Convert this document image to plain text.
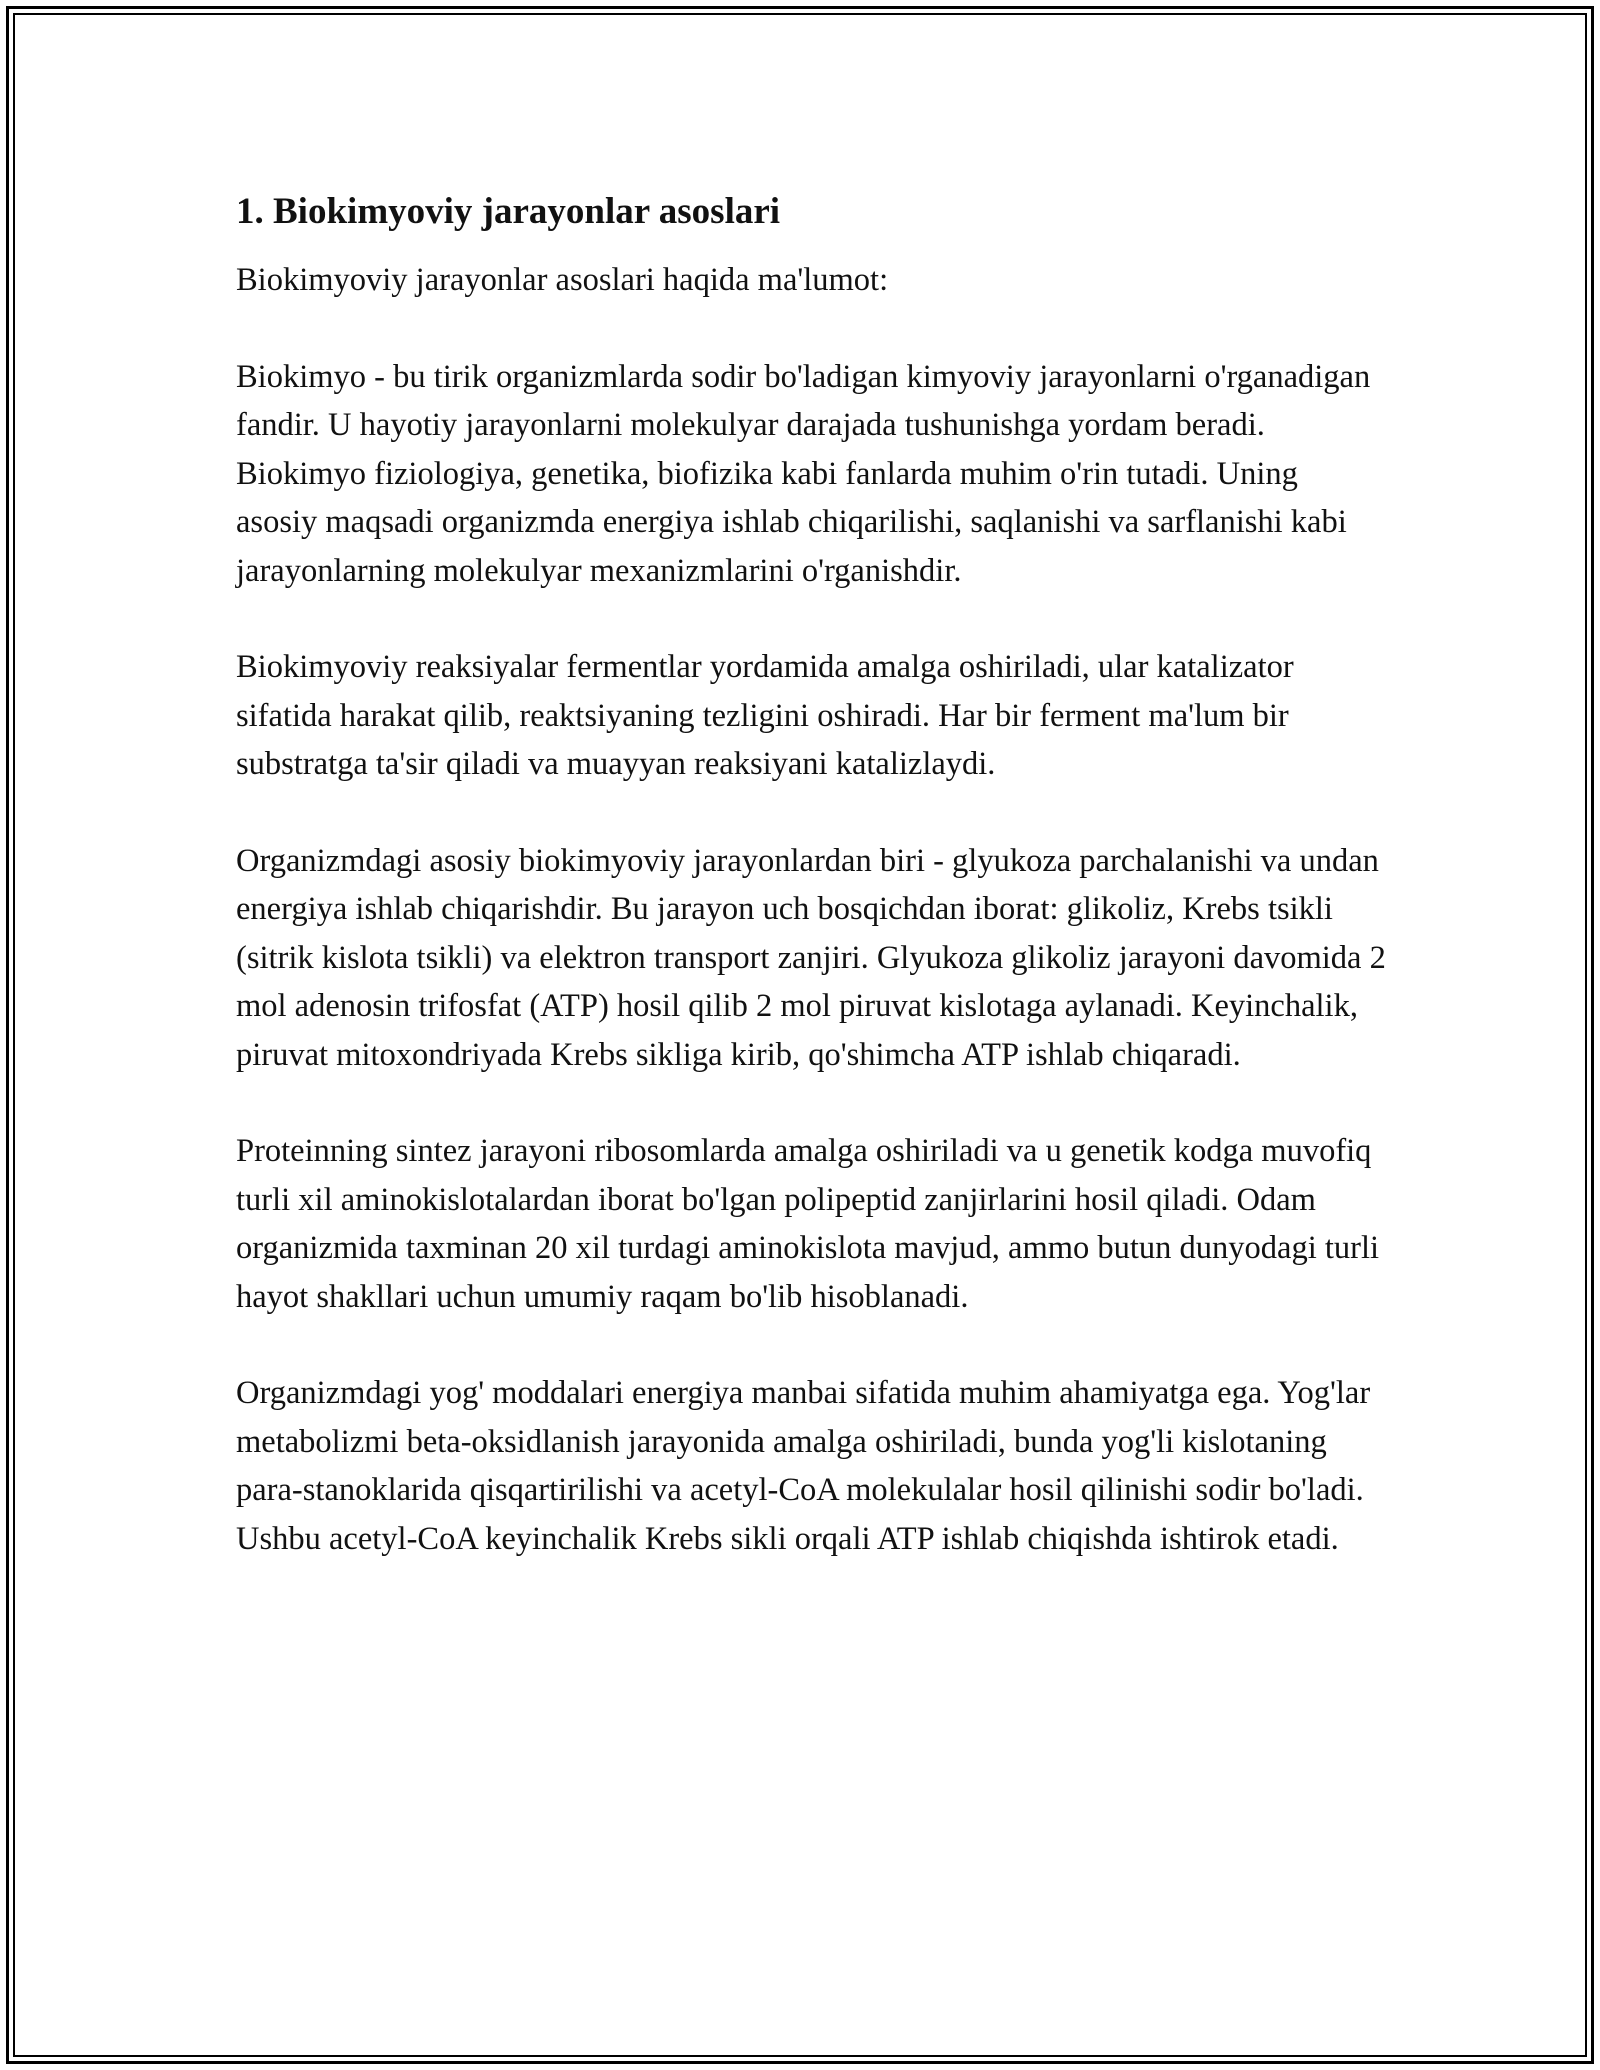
1. Biokimyoviy jarayonlar asoslari

Biokimyoviy jarayonlar asoslari haqida ma'lumot:

Biokimyo - bu tirik organizmlarda sodir bo'ladigan kimyoviy jarayonlarni o'rganadigan fandir. U hayotiy jarayonlarni molekulyar darajada tushunishga yordam beradi. Biokimyo fiziologiya, genetika, biofizika kabi fanlarda muhim o'rin tutadi. Uning asosiy maqsadi organizmda energiya ishlab chiqarilishi, saqlanishi va sarflanishi kabi jarayonlarning molekulyar mexanizmlarini o'rganishdir.

Biokimyoviy reaksiyalar fermentlar yordamida amalga oshiriladi, ular katalizator sifatida harakat qilib, reaktsiyaning tezligini oshiradi. Har bir ferment ma'lum bir substratga ta'sir qiladi va muayyan reaksiyani katalizlaydi.

Organizmdagi asosiy biokimyoviy jarayonlardan biri - glyukoza parchalanishi va undan energiya ishlab chiqarishdir. Bu jarayon uch bosqichdan iborat: glikoliz, Krebs tsikli (sitrik kislota tsikli) va elektron transport zanjiri. Glyukoza glikoliz jarayoni davomida 2 mol adenosin trifosfat (ATP) hosil qilib 2 mol piruvat kislotaga aylanadi. Keyinchalik, piruvat mitoxondriyada Krebs sikliga kirib, qo'shimcha ATP ishlab chiqaradi.

Proteinning sintez jarayoni ribosomlarda amalga oshiriladi va u genetik kodga muvofiq turli xil aminokislotalardan iborat bo'lgan polipeptid zanjirlarini hosil qiladi. Odam organizmida taxminan 20 xil turdagi aminokislota mavjud, ammo butun dunyodagi turli hayot shakllari uchun umumiy raqam bo'lib hisoblanadi.

Organizmdagi yog' moddalari energiya manbai sifatida muhim ahamiyatga ega. Yog'lar metabolizmi beta-oksidlanish jarayonida amalga oshiriladi, bunda yog'li kislotaning para-stanoklarida qisqartirilishi va acetyl-CoA molekulalar hosil qilinishi sodir bo'ladi. Ushbu acetyl-CoA keyinchalik Krebs sikli orqali ATP ishlab chiqishda ishtirok etadi.
